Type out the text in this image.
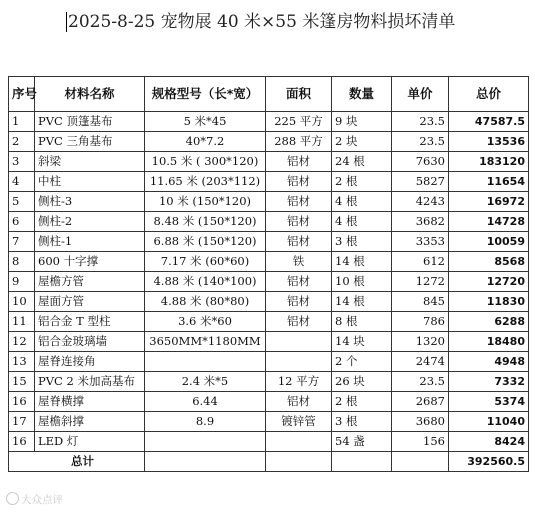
2025-8-25 宠物展 40 米×55 米篷房物料损坏清单
序号	材料名称	规格型号（长*宽）	面积	数量	单价	总价
1	PVC 顶篷基布	5 米*45	225 平方	9 块	23.5	47587.5
2	PVC 三角基布	40*7.2	288 平方	2 块	23.5	13536
3	斜梁	10.5 米 ( 300*120)	铝材	24 根	7630	183120
4	中柱	11.65 米 (203*112)	铝材	2 根	5827	11654
5	侧柱-3	10 米 (150*120)	铝材	4 根	4243	16972
6	侧柱-2	8.48 米 (150*120)	铝材	4 根	3682	14728
7	侧柱-1	6.88 米 (150*120)	铝材	3 根	3353	10059
8	600 十字撑	7.17 米 (60*60)	铁	14 根	612	8568
9	屋檐方管	4.88 米 (140*100)	铝材	10 根	1272	12720
10	屋面方管	4.88 米 (80*80)	铝材	14 根	845	11830
11	铝合金 T 型柱	3.6 米*60	铝材	8 根	786	6288
12	铝合金玻璃墙	3650MM*1180MM		14 块	1320	18480
13	屋脊连接角			2 个	2474	4948
15	PVC 2 米加高基布	2.4 米*5	12 平方	26 块	23.5	7332
16	屋脊横撑	6.44	铝材	2 根	2687	5374
17	屋檐斜撑	8.9	镀锌管	3 根	3680	11040
16	LED 灯			54 盏	156	8424
总计						392560.5
大众点评
